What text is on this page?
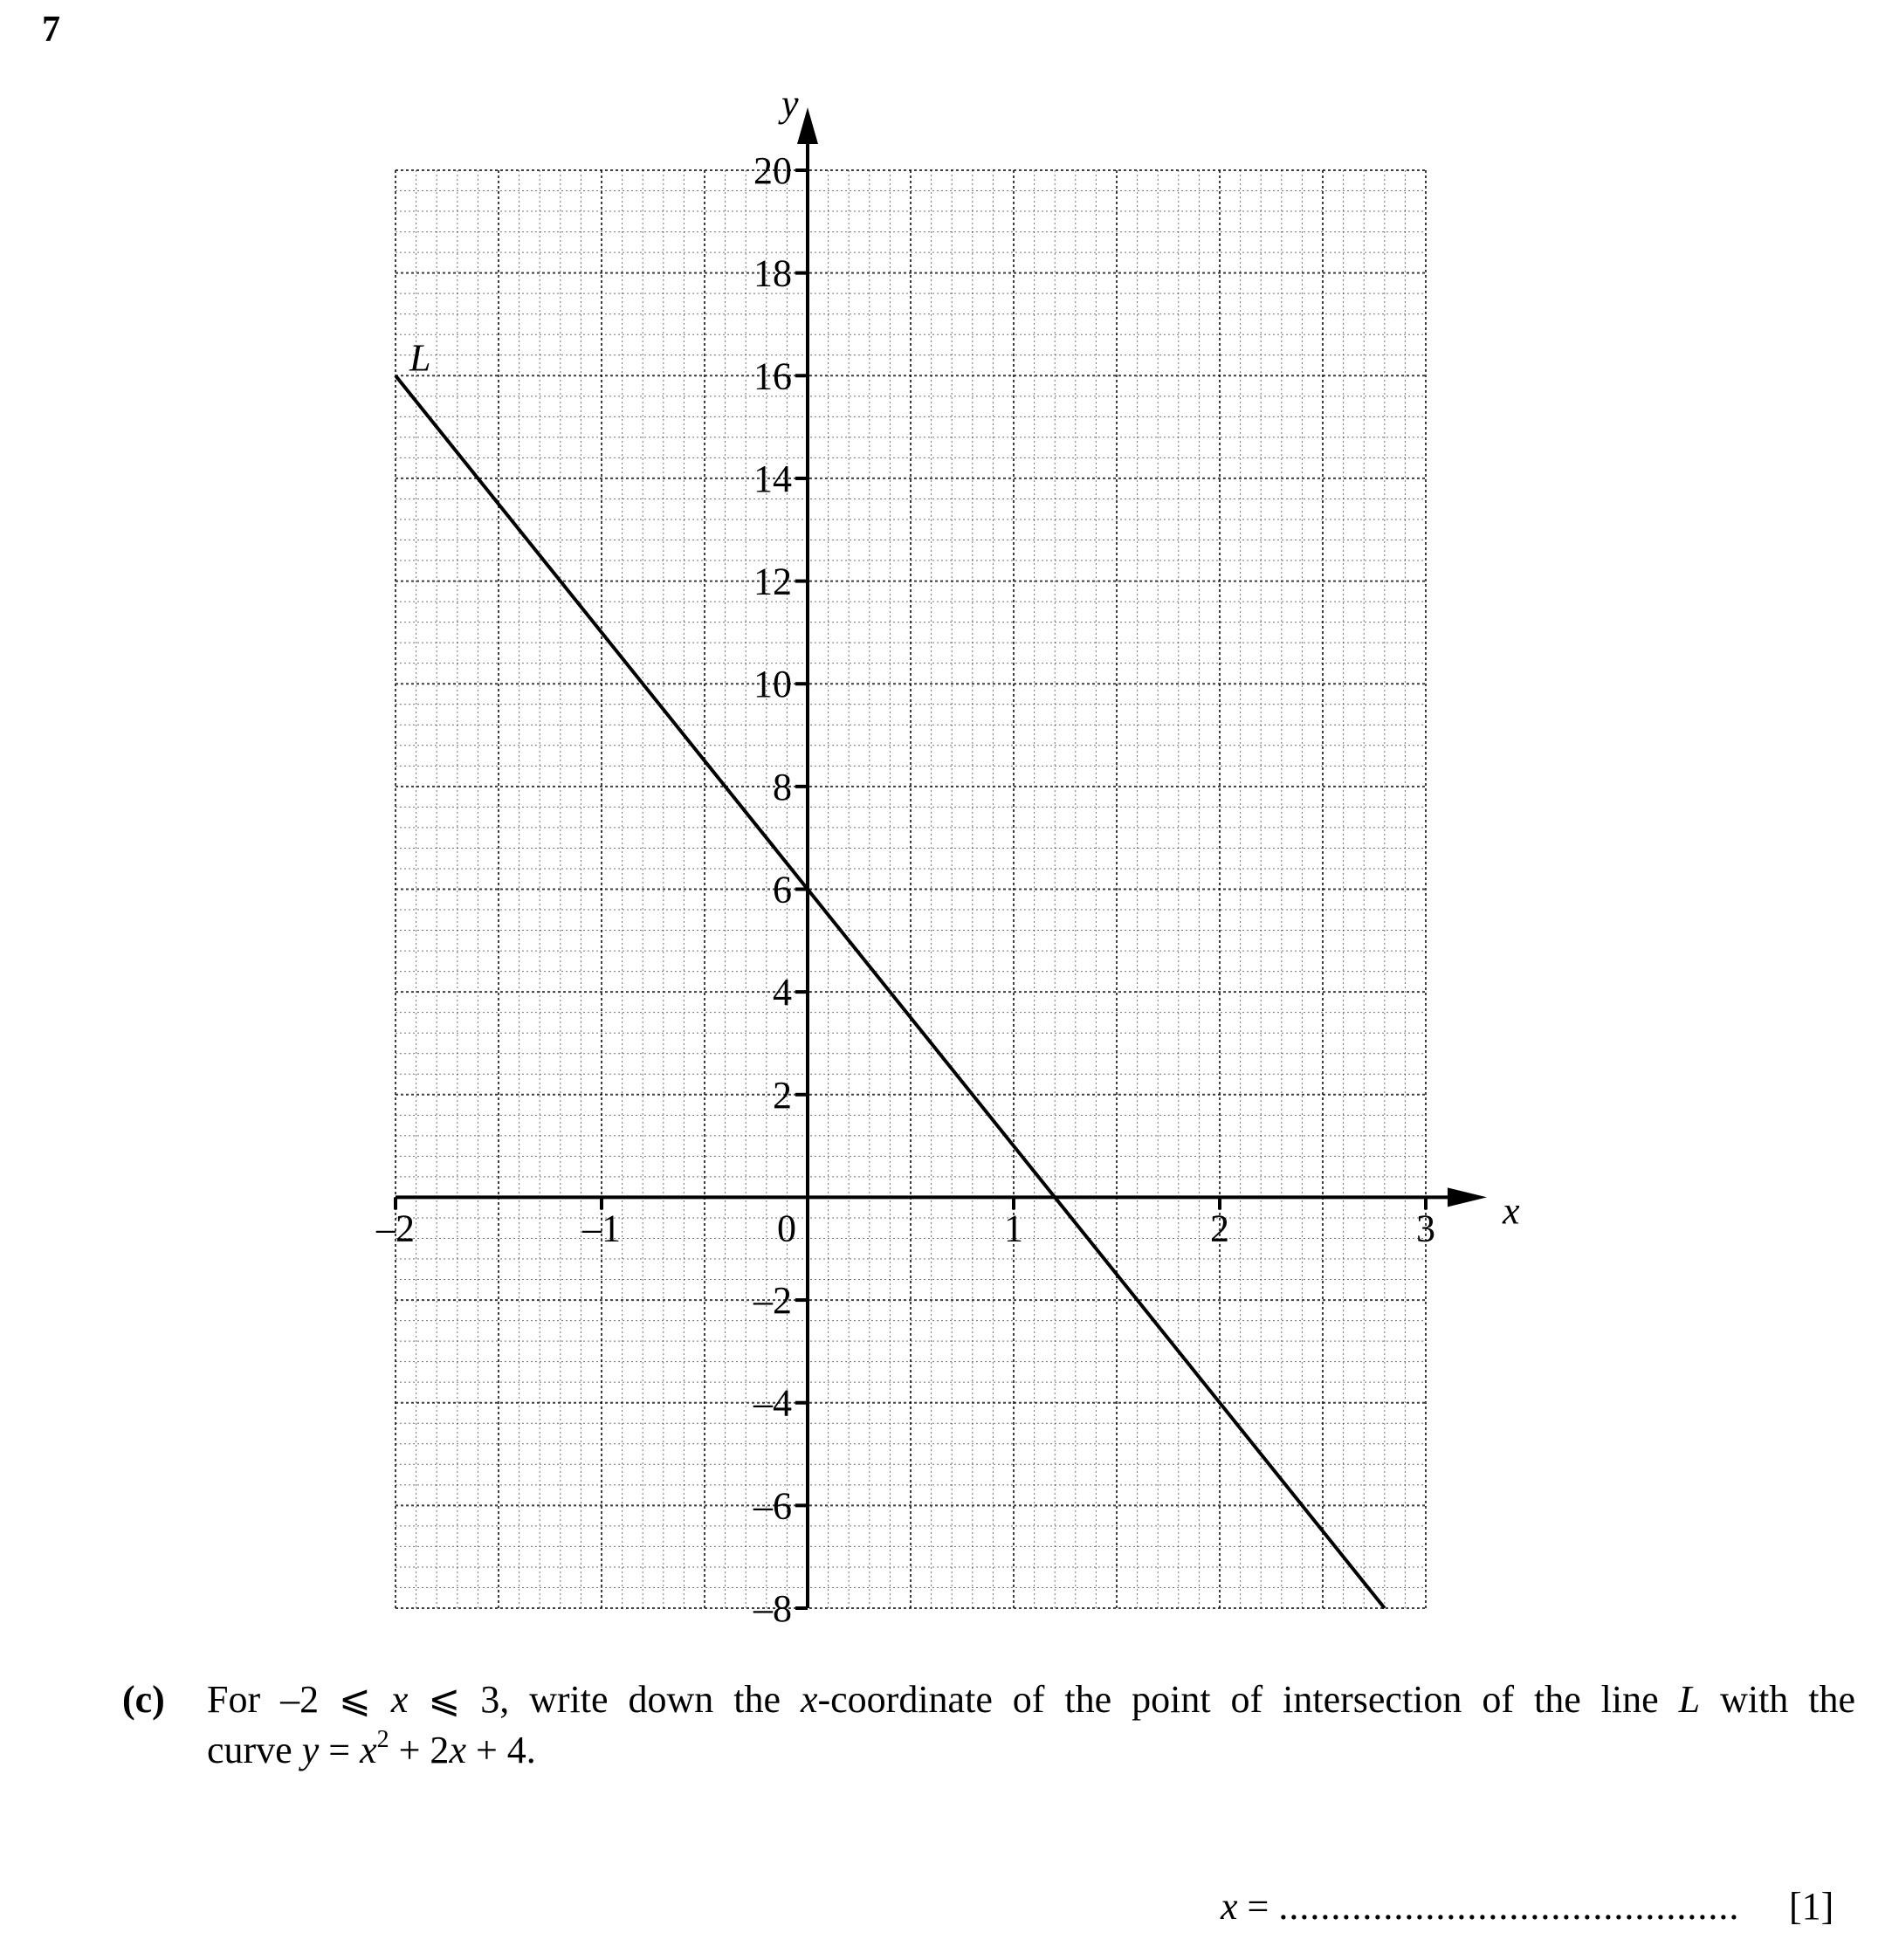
7
20
18
16
14
12
10
8
6
4
2
–2
–4
–6
–8
–2	–1	0	1	2	3 x
y
L
(c) For –2 ⩽ x ⩽ 3, write down the x-coordinate of the point of intersection of the line L with the
curve $y = x^2 + 2x + 4$.
x = ............................................ [1]
